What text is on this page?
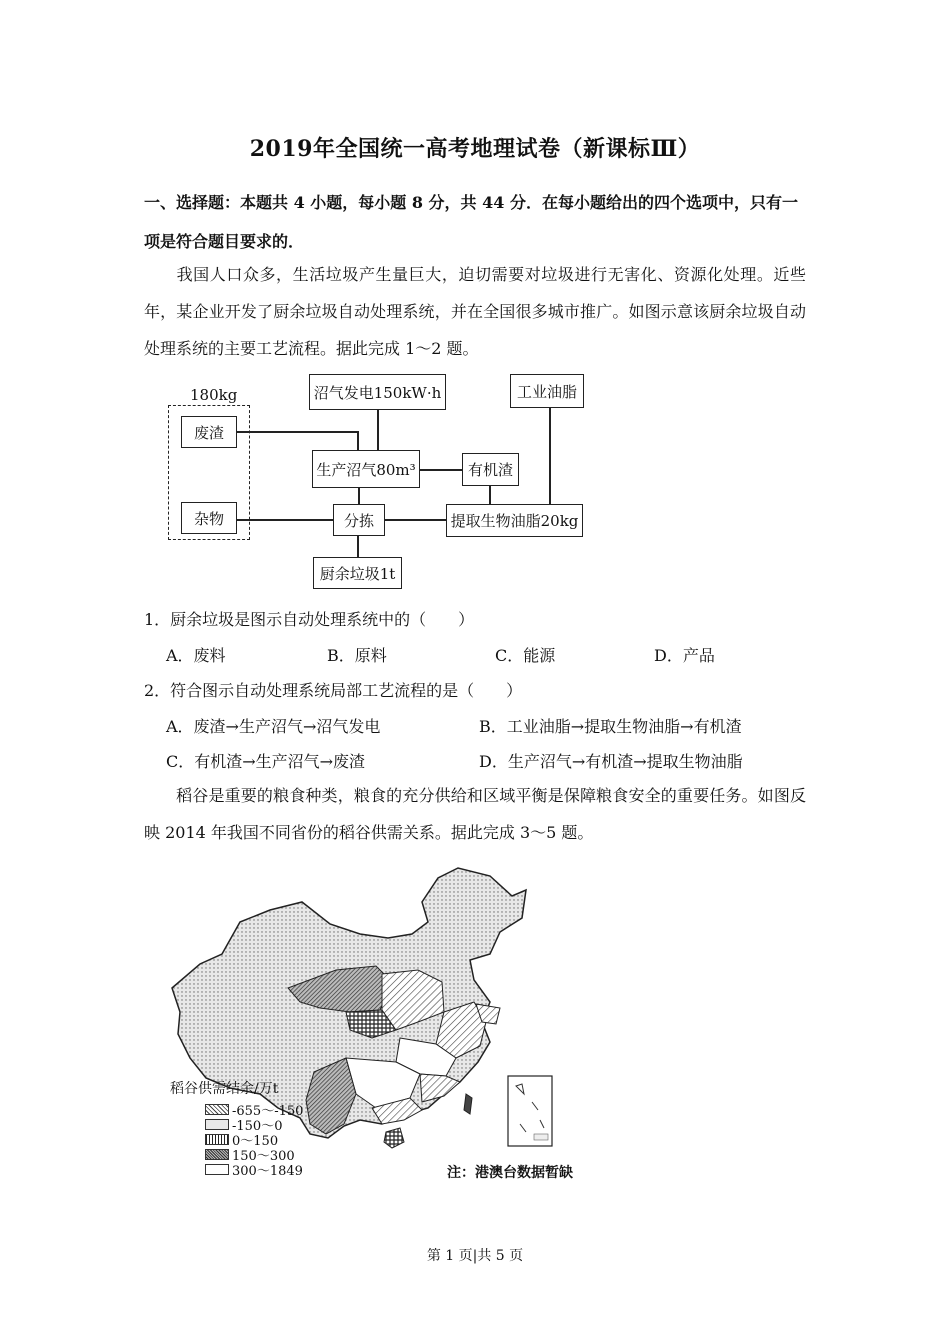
2019年全国统一高考地理试卷（新课标Ⅲ）
一、选择题：本题共 4 小题，每小题 8 分，共 44 分．在每小题给出的四个选项中，只有一
项是符合题目要求的．
我国人口众多，生活垃圾产生量巨大，迫切需要对垃圾进行无害化、资源化处理。近些年，某企业开发了厨余垃圾自动处理系统，并在全国很多城市推广。如图示意该厨余垃圾自动处理系统的主要工艺流程。据此完成 1～2 题。
180kg
废渣
杂物
沼气发电150kW·h	工业油脂
生产沼气80m³	有机渣
分拣	提取生物油脂20kg
厨余垃圾1t
1．厨余垃圾是图示自动处理系统中的（　　）
A．废料	B．原料	C．能源	D．产品
2．符合图示自动处理系统局部工艺流程的是（　　）
A．废渣→生产沼气→沼气发电	B．工业油脂→提取生物油脂→有机渣
C．有机渣→生产沼气→废渣	D．生产沼气→有机渣→提取生物油脂
稻谷是重要的粮食种类，粮食的充分供给和区域平衡是保障粮食安全的重要任务。如图反映 2014 年我国不同省份的稻谷供需关系。据此完成 3～5 题。
稻谷供需结余/万t
-655～-150
-150～0
0～150
150～300
300～1849	注：港澳台数据暂缺
第 1 页|共 5 页
